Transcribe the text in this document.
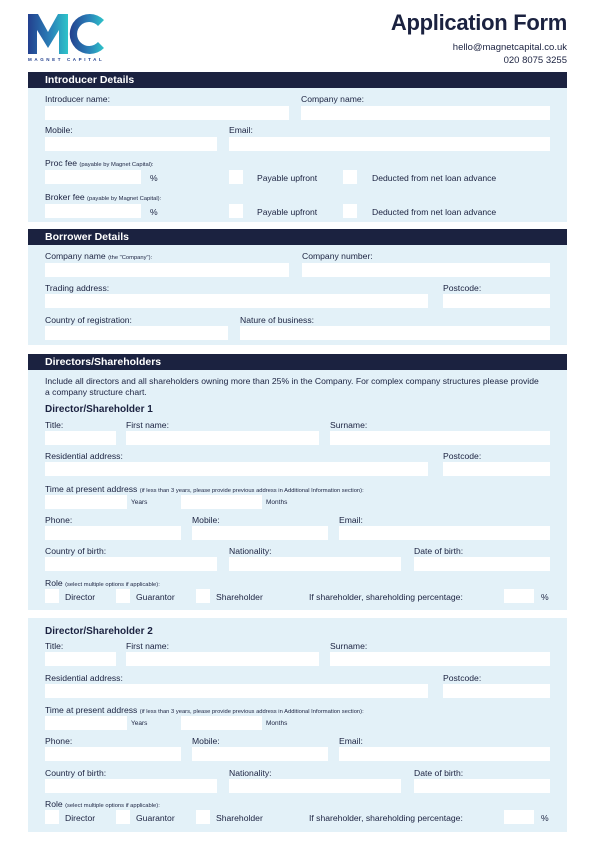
MAGNET CAPITAL
Application Form
hello@magnetcapital.co.uk
020 8075 3255
Introducer Details
Introducer name:	Company name:
Mobile:	Email:
Proc fee (payable by Magnet Capital):
%	Payable upfront	Deducted from net loan advance
Broker fee (payable by Magnet Capital):
%	Payable upfront	Deducted from net loan advance
Borrower Details
Company name (the "Company"):	Company number:
Trading address:	Postcode:
Country of registration:	Nature of business:
Directors/Shareholders
Include all directors and all shareholders owning more than 25% in the Company. For complex company structures please provide a company structure chart.
Director/Shareholder 1
Title:	First name:	Surname:
Residential address:	Postcode:
Time at present address (if less than 3 years, please provide previous address in Additional Information section):
Years	Months
Phone:	Mobile:	Email:
Country of birth:	Nationality:	Date of birth:
Role (select multiple options if applicable):
Director	Guarantor	Shareholder	If shareholder, shareholding percentage:	%
Director/Shareholder 2
Title:	First name:	Surname:
Residential address:	Postcode:
Time at present address (if less than 3 years, please provide previous address in Additional Information section):
Years	Months
Phone:	Mobile:	Email:
Country of birth:	Nationality:	Date of birth:
Role (select multiple options if applicable):
Director	Guarantor	Shareholder	If shareholder, shareholding percentage:	%
